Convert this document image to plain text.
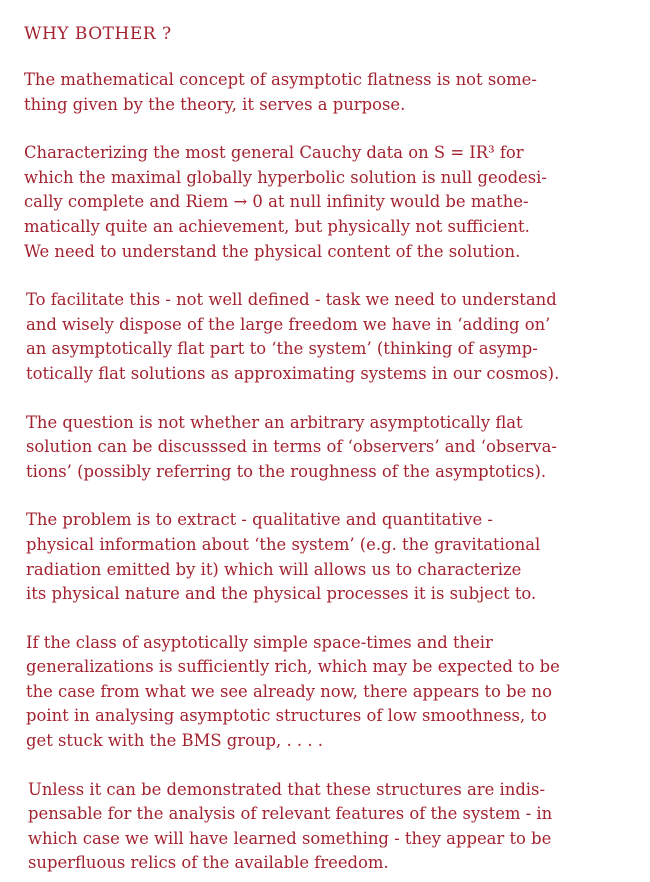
WHY BOTHER ?
The mathematical concept of asymptotic flatness is not some-
thing given by the theory, it serves a purpose.
Characterizing the most general Cauchy data on S = IR³ for
which the maximal globally hyperbolic solution is null geodesi-
cally complete and Riem → 0 at null infinity would be mathe-
matically quite an achievement, but physically not sufficient.
We need to understand the physical content of the solution.
To facilitate this - not well defined - task we need to understand
and wisely dispose of the large freedom we have in ‘adding on’
an asymptotically flat part to ‘the system’ (thinking of asymp-
totically flat solutions as approximating systems in our cosmos).
The question is not whether an arbitrary asymptotically flat
solution can be discusssed in terms of ‘observers’ and ‘observa-
tions’ (possibly referring to the roughness of the asymptotics).
The problem is to extract - qualitative and quantitative -
physical information about ‘the system’ (e.g. the gravitational
radiation emitted by it) which will allows us to characterize
its physical nature and the physical processes it is subject to.
If the class of asyptotically simple space-times and their
generalizations is sufficiently rich, which may be expected to be
the case from what we see already now, there appears to be no
point in analysing asymptotic structures of low smoothness, to
get stuck with the BMS group, . . . .
Unless it can be demonstrated that these structures are indis-
pensable for the analysis of relevant features of the system - in
which case we will have learned something - they appear to be
superfluous relics of the available freedom.
